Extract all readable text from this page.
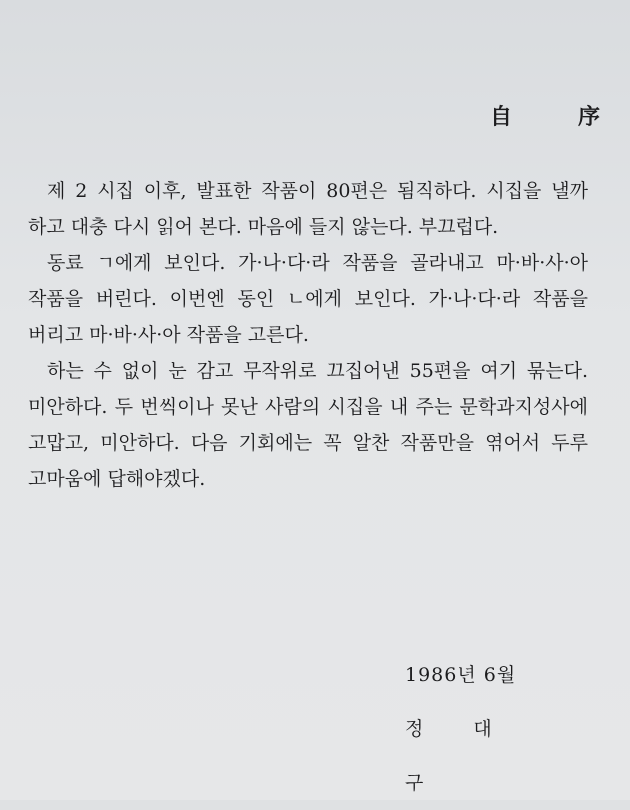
自	序

제 2 시집 이후, 발표한 작품이 80편은 됨직하다. 시집을 낼까 하고 대충 다시 읽어 본다. 마음에 들지 않는다. 부끄럽다.

동료 ㄱ에게 보인다. 가·나·다·라 작품을 골라내고 마·바·사·아 작품을 버린다. 이번엔 동인 ㄴ에게 보인다. 가·나·다·라 작품을 버리고 마·바·사·아 작품을 고른다.

하는 수 없이 눈 감고 무작위로 끄집어낸 55편을 여기 묶는다. 미안하다. 두 번씩이나 못난 사람의 시집을 내 주는 문학과지성사에 고맙고, 미안하다. 다음 기회에는 꼭 알찬 작품만을 엮어서 두루 고마움에 답해야겠다.

1986년 6월
정 대 구
